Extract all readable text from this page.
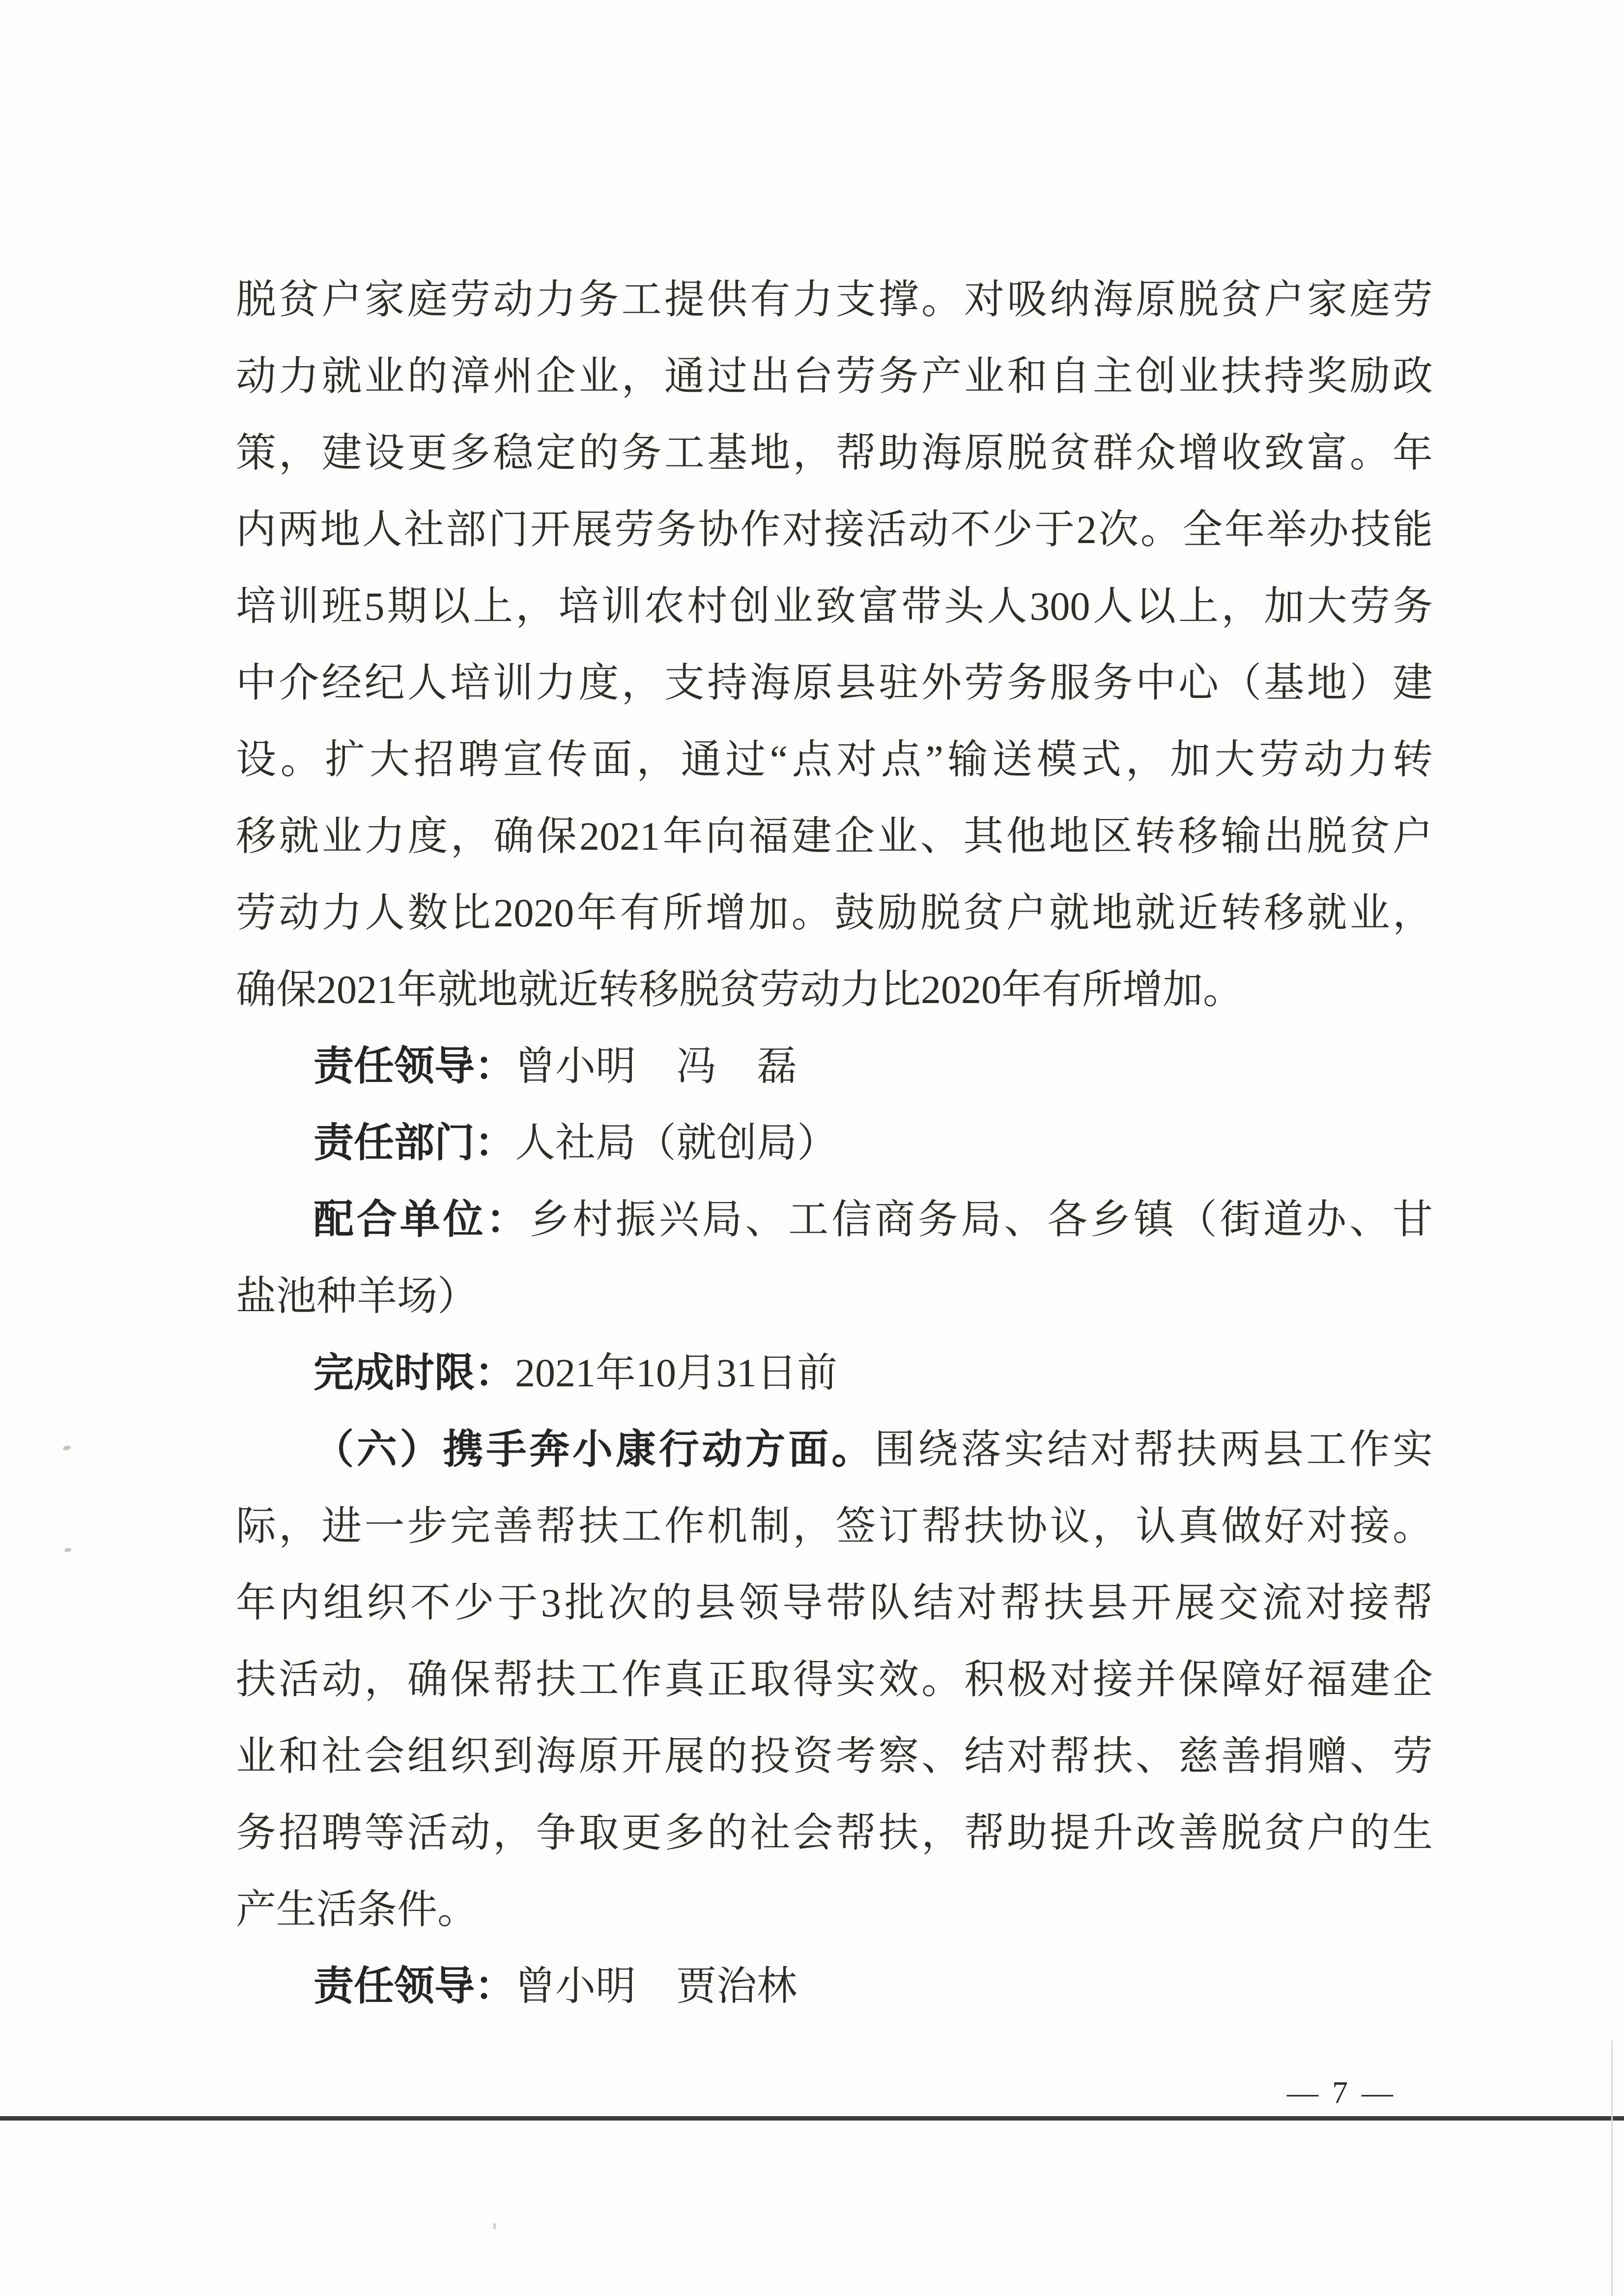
脱贫户家庭劳动力务工提供有力支撑。对吸纳海原脱贫户家庭劳
动力就业的漳州企业，通过出台劳务产业和自主创业扶持奖励政
策，建设更多稳定的务工基地，帮助海原脱贫群众增收致富。年
内两地人社部门开展劳务协作对接活动不少于2次。全年举办技能
培训班5期以上，培训农村创业致富带头人300人以上，加大劳务
中介经纪人培训力度，支持海原县驻外劳务服务中心（基地）建
设。扩大招聘宣传面，通过“点对点”输送模式，加大劳动力转
移就业力度，确保2021年向福建企业、其他地区转移输出脱贫户
劳动力人数比2020年有所增加。鼓励脱贫户就地就近转移就业，
确保2021年就地就近转移脱贫劳动力比2020年有所增加。
责任领导：曾小明　冯　磊
责任部门：人社局（就创局）
配合单位：乡村振兴局、工信商务局、各乡镇（街道办、甘
盐池种羊场）
完成时限：2021年10月31日前
（六）携手奔小康行动方面。围绕落实结对帮扶两县工作实
际，进一步完善帮扶工作机制，签订帮扶协议，认真做好对接。
年内组织不少于3批次的县领导带队结对帮扶县开展交流对接帮
扶活动，确保帮扶工作真正取得实效。积极对接并保障好福建企
业和社会组织到海原开展的投资考察、结对帮扶、慈善捐赠、劳
务招聘等活动，争取更多的社会帮扶，帮助提升改善脱贫户的生
产生活条件。
责任领导：曾小明　贾治林
— 7 —
